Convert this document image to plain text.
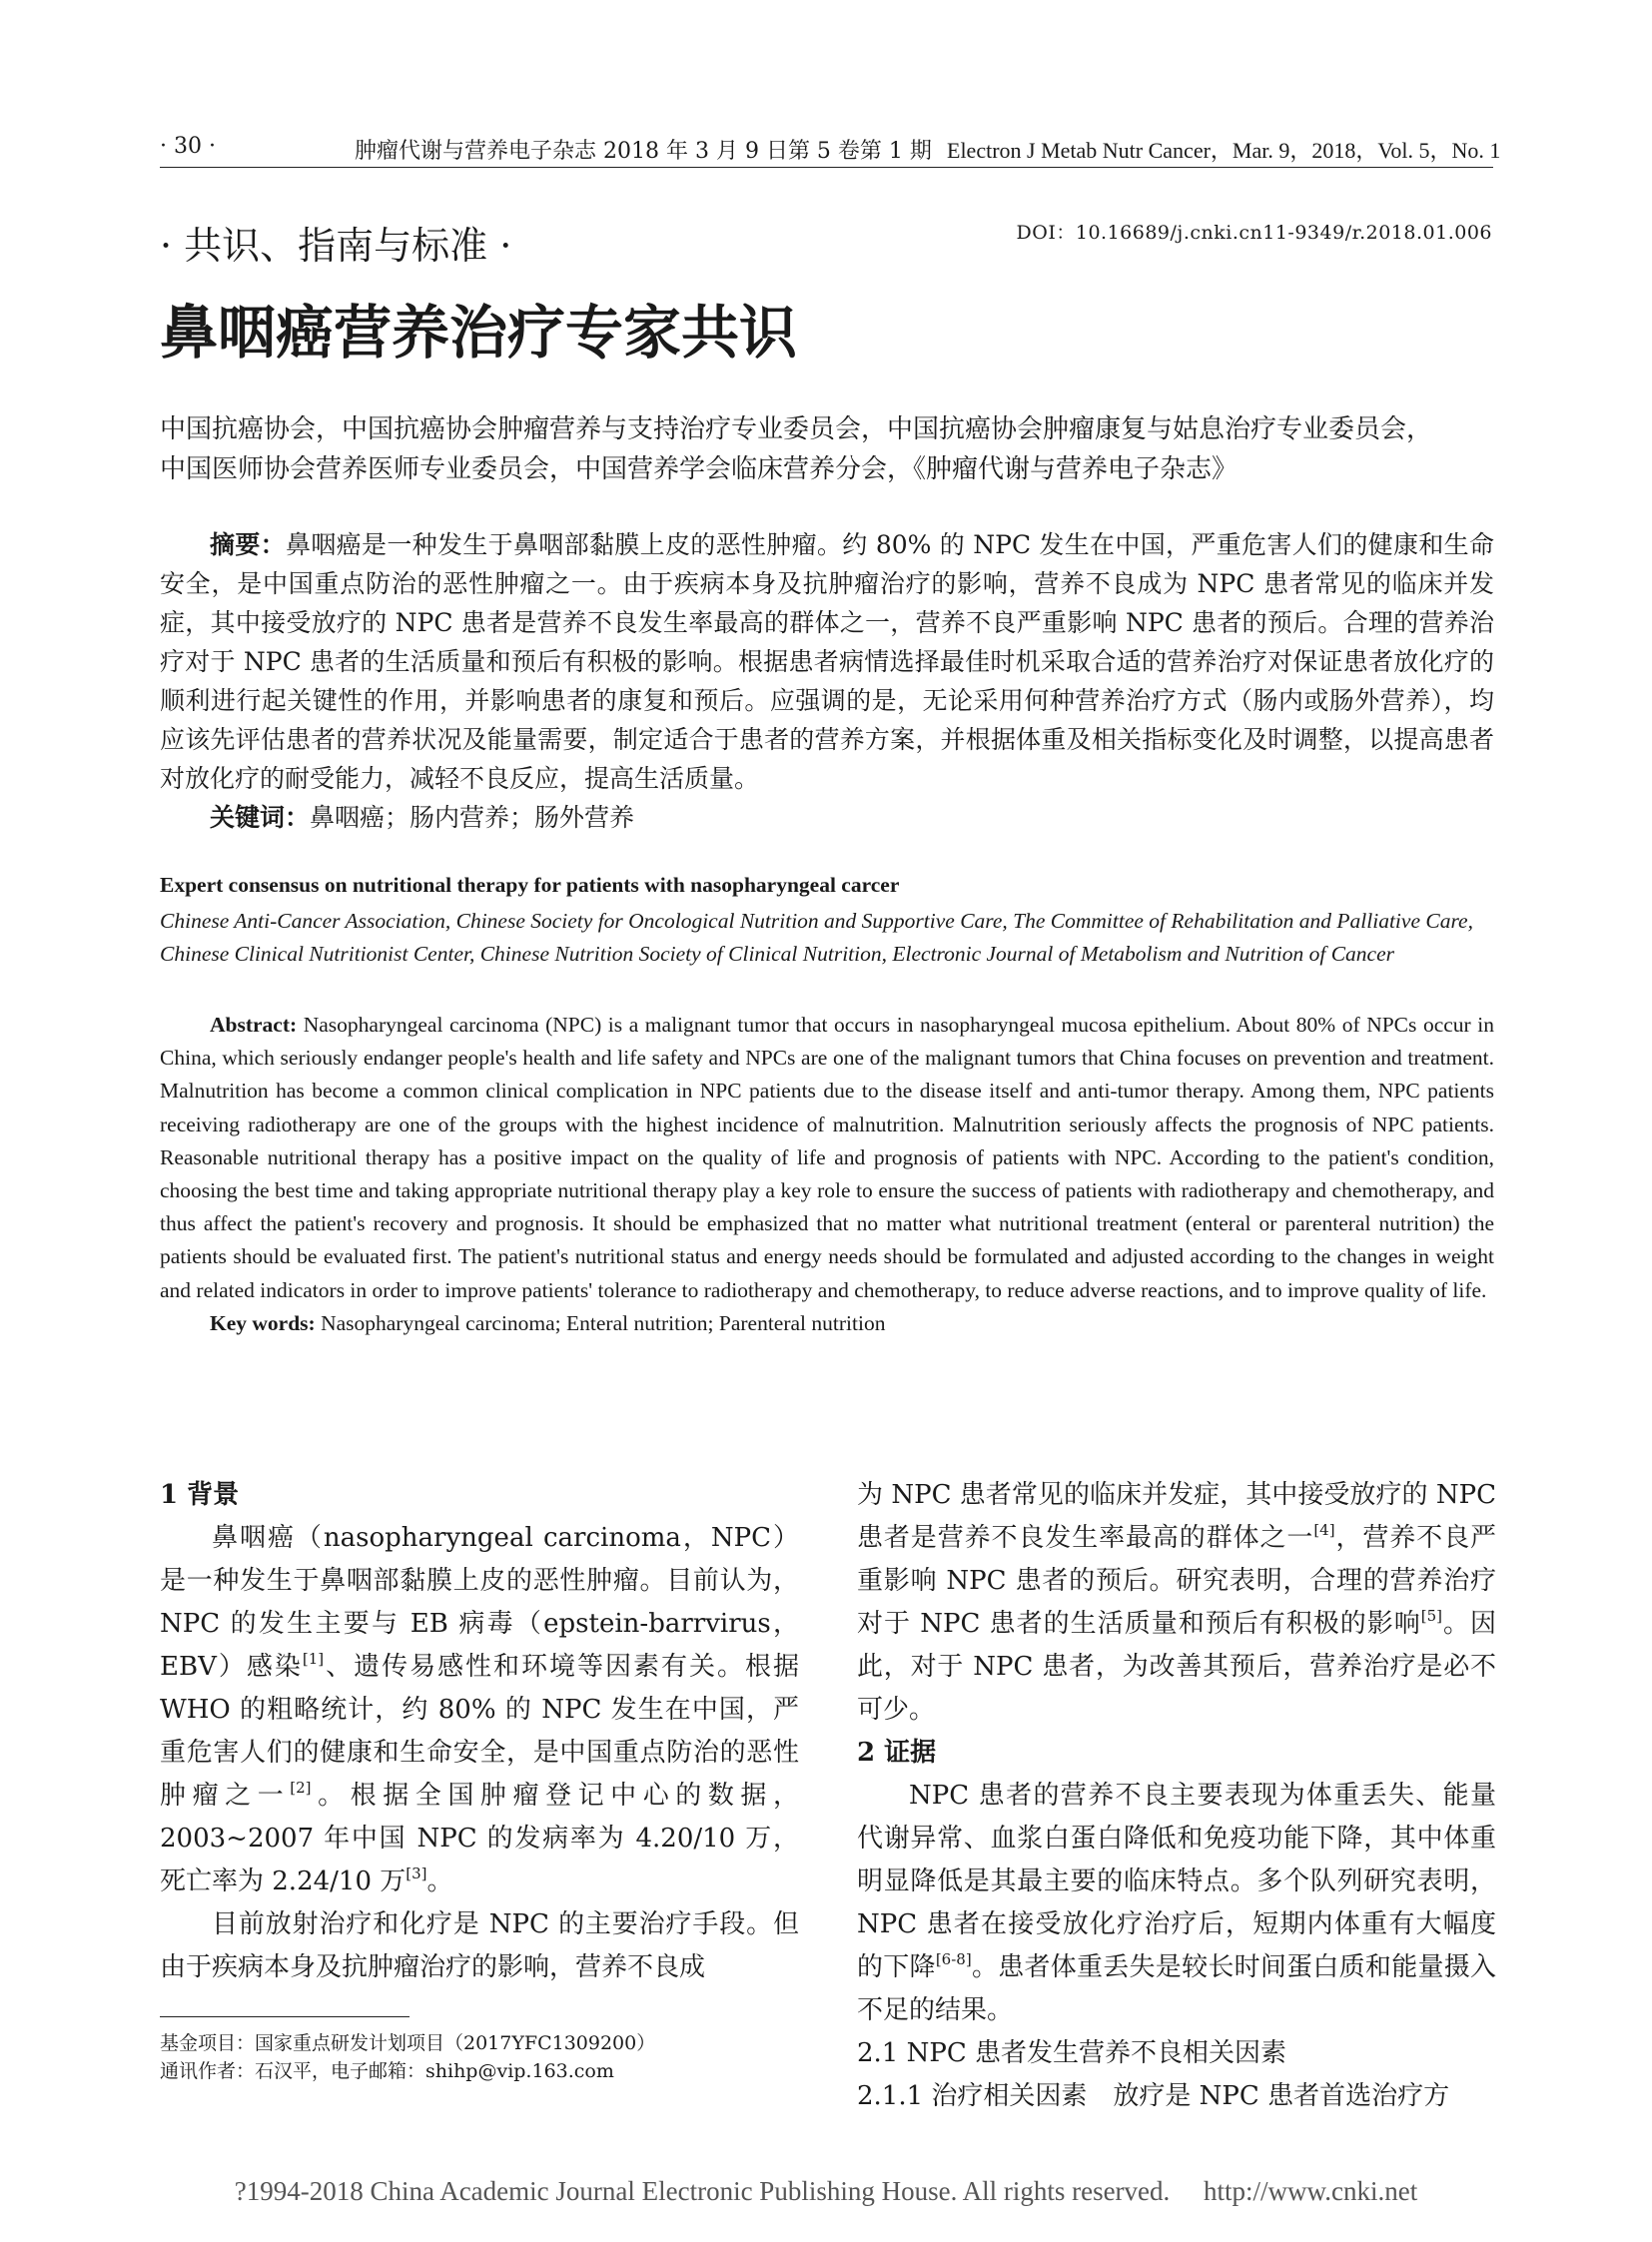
· 30 ·	肿瘤代谢与营养电子杂志 2018 年 3 月 9 日第 5 卷第 1 期 Electron J Metab Nutr Cancer，Mar. 9，2018，Vol. 5，No. 1
· 共识、指南与标准 ·	DOI：10.16689/j.cnki.cn11-9349/r.2018.01.006
鼻咽癌营养治疗专家共识
中国抗癌协会，中国抗癌协会肿瘤营养与支持治疗专业委员会，中国抗癌协会肿瘤康复与姑息治疗专业委员会，
中国医师协会营养医师专业委员会，中国营养学会临床营养分会，《肿瘤代谢与营养电子杂志》

摘要：鼻咽癌是一种发生于鼻咽部黏膜上皮的恶性肿瘤。约 80% 的 NPC 发生在中国，严重危害人们的健康和生命安全，是中国重点防治的恶性肿瘤之一。由于疾病本身及抗肿瘤治疗的影响，营养不良成为 NPC 患者常见的临床并发症，其中接受放疗的 NPC 患者是营养不良发生率最高的群体之一，营养不良严重影响 NPC 患者的预后。合理的营养治疗对于 NPC 患者的生活质量和预后有积极的影响。根据患者病情选择最佳时机采取合适的营养治疗对保证患者放化疗的顺利进行起关键性的作用，并影响患者的康复和预后。应强调的是，无论采用何种营养治疗方式（肠内或肠外营养），均应该先评估患者的营养状况及能量需要，制定适合于患者的营养方案，并根据体重及相关指标变化及时调整，以提高患者对放化疗的耐受能力，减轻不良反应，提高生活质量。

关键词：鼻咽癌；肠内营养；肠外营养

Expert consensus on nutritional therapy for patients with nasopharyngeal carcer
Chinese Anti-Cancer Association, Chinese Society for Oncological Nutrition and Supportive Care, The Committee of Rehabilitation and Palliative Care, Chinese Clinical Nutritionist Center, Chinese Nutrition Society of Clinical Nutrition, Electronic Journal of Metabolism and Nutrition of Cancer

Abstract: Nasopharyngeal carcinoma (NPC) is a malignant tumor that occurs in nasopharyngeal mucosa epithelium. About 80% of NPCs occur in China, which seriously endanger people's health and life safety and NPCs are one of the malignant tumors that China focuses on prevention and treatment. Malnutrition has become a common clinical complication in NPC patients due to the disease itself and anti-tumor therapy. Among them, NPC patients receiving radiotherapy are one of the groups with the highest incidence of malnutrition. Malnutrition seriously affects the prognosis of NPC patients. Reasonable nutritional therapy has a positive impact on the quality of life and prognosis of patients with NPC. According to the patient's condition, choosing the best time and taking appropriate nutritional therapy play a key role to ensure the success of patients with radiotherapy and chemotherapy, and thus affect the patient's recovery and prognosis. It should be emphasized that no matter what nutritional treatment (enteral or parenteral nutrition) the patients should be evaluated first. The patient's nutritional status and energy needs should be formulated and adjusted according to the changes in weight and related indicators in order to improve patients' tolerance to radiotherapy and chemotherapy, to reduce adverse reactions, and to improve quality of life.

Key words: Nasopharyngeal carcinoma; Enteral nutrition; Parenteral nutrition

1 背景

鼻咽癌（nasopharyngeal carcinoma，NPC）是一种发生于鼻咽部黏膜上皮的恶性肿瘤。目前认为，NPC 的发生主要与 EB 病毒（epstein-barrvirus，EBV）感染[1]、遗传易感性和环境等因素有关。根据 WHO 的粗略统计，约 80% 的 NPC 发生在中国，严重危害人们的健康和生命安全，是中国重点防治的恶性肿瘤之一[2]。根据全国肿瘤登记中心的数据，2003~2007 年中国 NPC 的发病率为 4.20/10 万，死亡率为 2.24/10 万[3]。

目前放射治疗和化疗是 NPC 的主要治疗手段。但由于疾病本身及抗肿瘤治疗的影响，营养不良成

为 NPC 患者常见的临床并发症，其中接受放疗的 NPC 患者是营养不良发生率最高的群体之一[4]，营养不良严重影响 NPC 患者的预后。研究表明，合理的营养治疗对于 NPC 患者的生活质量和预后有积极的影响[5]。因此，对于 NPC 患者，为改善其预后，营养治疗是必不可少。

2 证据

NPC 患者的营养不良主要表现为体重丢失、能量代谢异常、血浆白蛋白降低和免疫功能下降，其中体重明显降低是其最主要的临床特点。多个队列研究表明，NPC 患者在接受放化疗治疗后，短期内体重有大幅度的下降[6-8]。患者体重丢失是较长时间蛋白质和能量摄入不足的结果。

2.1 NPC 患者发生营养不良相关因素

2.1.1 治疗相关因素　放疗是 NPC 患者首选治疗方

基金项目：国家重点研发计划项目（2017YFC1309200）

通讯作者：石汉平，电子邮箱：shihp@vip.163.com

?1994-2018 China Academic Journal Electronic Publishing House. All rights reserved.　 http://www.cnki.net
